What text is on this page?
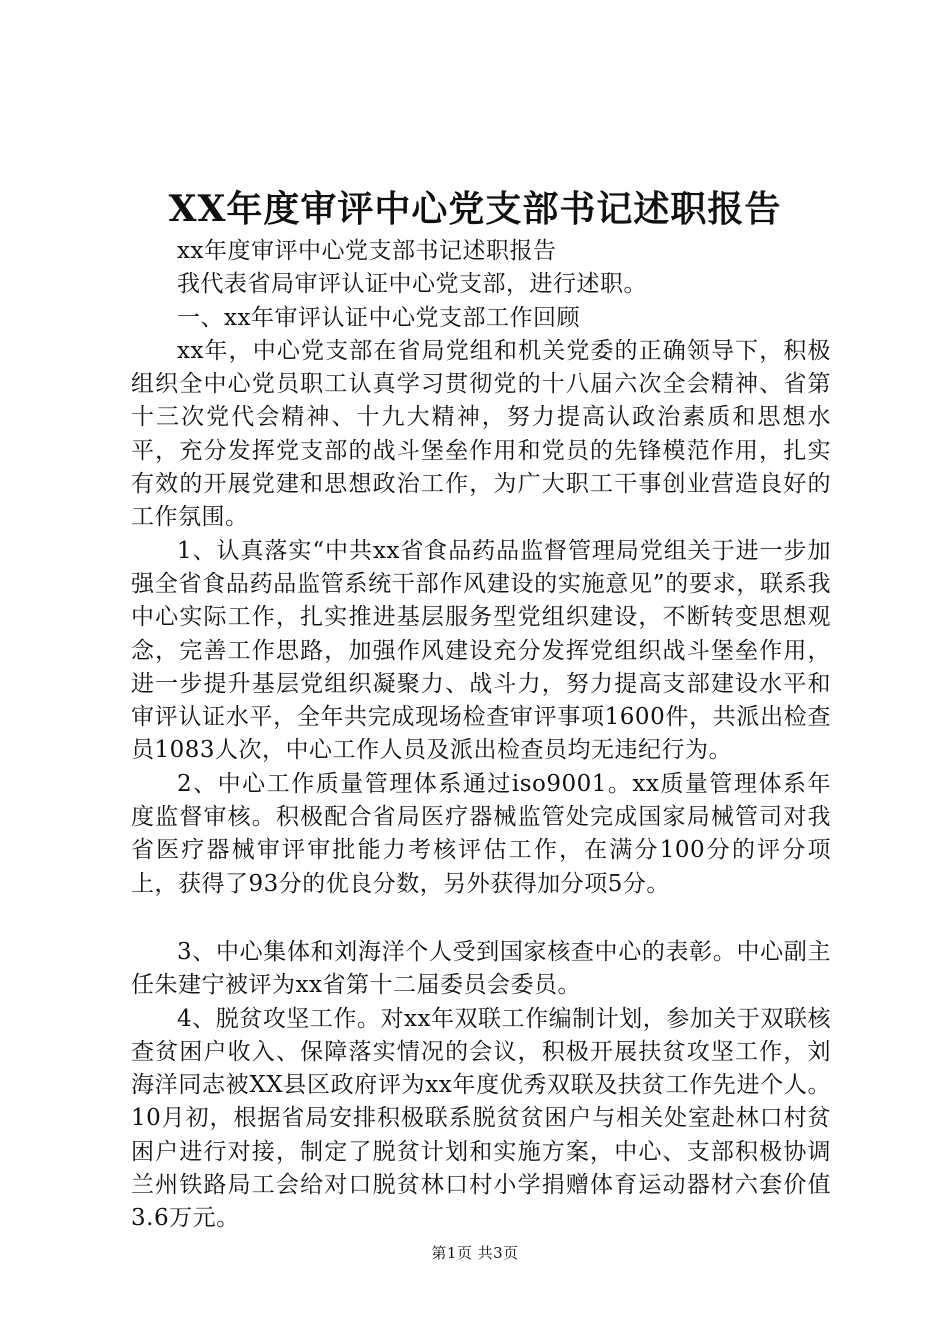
XX年度审评中心党支部书记述职报告

xx年度审评中心党支部书记述职报告

我代表省局审评认证中心党支部，进行述职。

一、xx年审评认证中心党支部工作回顾

xx年，中心党支部在省局党组和机关党委的正确领导下，积极组织全中心党员职工认真学习贯彻党的十八届六次全会精神、省第十三次党代会精神、十九大精神，努力提高认政治素质和思想水平，充分发挥党支部的战斗堡垒作用和党员的先锋模范作用，扎实有效的开展党建和思想政治工作，为广大职工干事创业营造良好的工作氛围。

1、认真落实“中共xx省食品药品监督管理局党组关于进一步加强全省食品药品监管系统干部作风建设的实施意见”的要求，联系我中心实际工作，扎实推进基层服务型党组织建设，不断转变思想观念，完善工作思路，加强作风建设充分发挥党组织战斗堡垒作用，进一步提升基层党组织凝聚力、战斗力，努力提高支部建设水平和审评认证水平，全年共完成现场检查审评事项1600件，共派出检查员1083人次，中心工作人员及派出检查员均无违纪行为。

2、中心工作质量管理体系通过iso9001。xx质量管理体系年度监督审核。积极配合省局医疗器械监管处完成国家局械管司对我省医疗器械审评审批能力考核评估工作，在满分100分的评分项上，获得了93分的优良分数，另外获得加分项5分。

3、中心集体和刘海洋个人受到国家核查中心的表彰。中心副主任朱建宁被评为xx省第十二届委员会委员。

4、脱贫攻坚工作。对xx年双联工作编制计划，参加关于双联核查贫困户收入、保障落实情况的会议，积极开展扶贫攻坚工作，刘海洋同志被XX县区政府评为xx年度优秀双联及扶贫工作先进个人。10月初，根据省局安排积极联系脱贫贫困户与相关处室赴林口村贫困户进行对接，制定了脱贫计划和实施方案，中心、支部积极协调兰州铁路局工会给对口脱贫林口村小学捐赠体育运动器材六套价值3.6万元。

第1页 共3页
